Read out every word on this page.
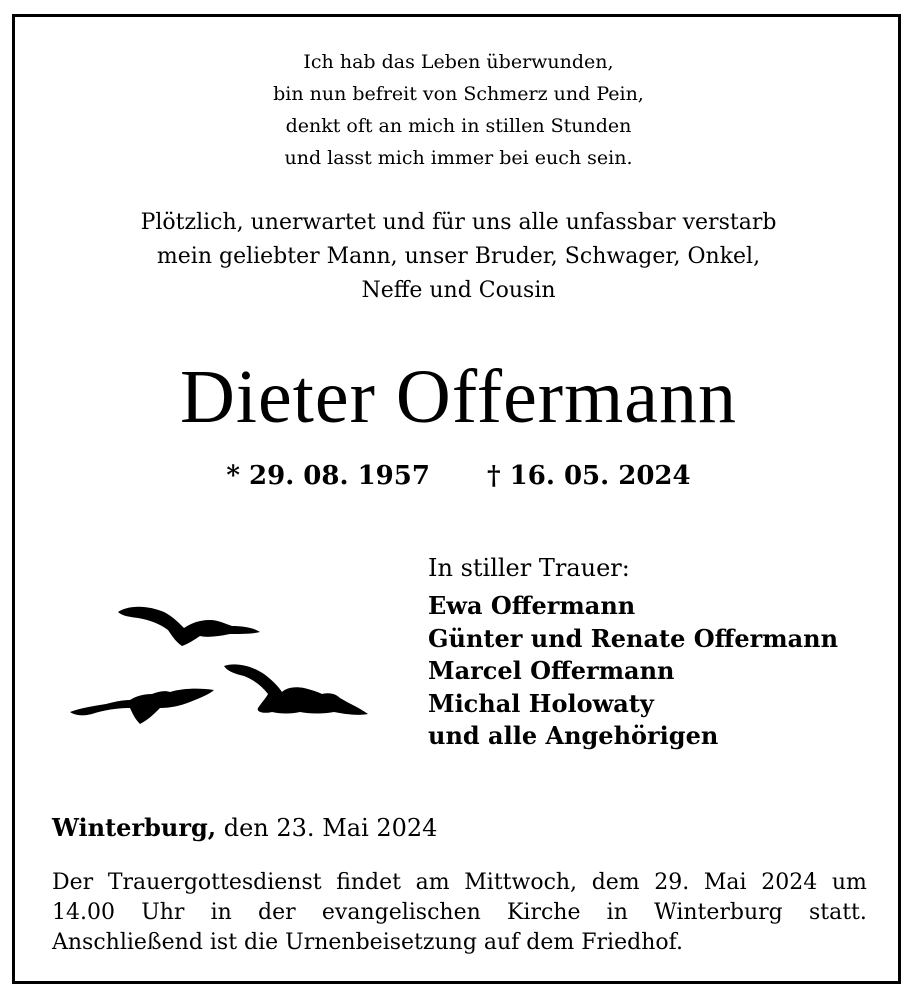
Ich hab das Leben überwunden,
bin nun befreit von Schmerz und Pein,
denkt oft an mich in stillen Stunden
und lasst mich immer bei euch sein.
Plötzlich, unerwartet und für uns alle unfassbar verstarb
mein geliebter Mann, unser Bruder, Schwager, Onkel,
Neffe und Cousin
Dieter Offermann
* 29. 08. 1957 † 16. 05. 2024
In stiller Trauer:
Ewa Offermann
Günter und Renate Offermann
Marcel Offermann
Michal Holowaty
und alle Angehörigen
Winterburg, den 23. Mai 2024
Der Trauergottesdienst findet am Mittwoch, dem 29. Mai 2024 um
14.00 Uhr in der evangelischen Kirche in Winterburg statt.
Anschließend ist die Urnenbeisetzung auf dem Friedhof.
